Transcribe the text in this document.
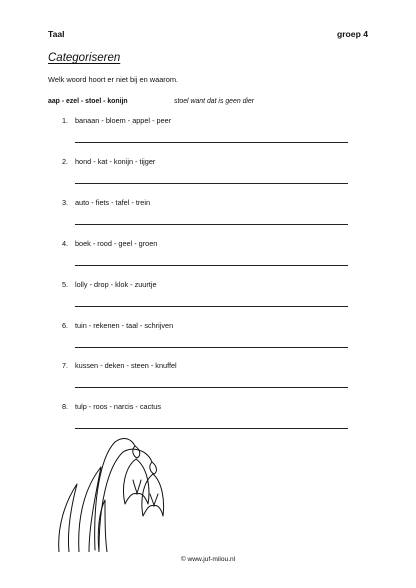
Taal	groep 4
Categoriseren
Welk woord hoort er niet bij en waarom.
aap - ezel - stoel - konijn	stoel want dat is geen dier
1. banaan - bloem - appel - peer
2. hond - kat - konijn - tijger
3. auto - fiets - tafel - trein
4. boek - rood - geel - groen
5. lolly - drop - klok - zuurtje
6. tuin - rekenen - taal - schrijven
7. kussen - deken - steen - knuffel
8. tulp - roos - narcis - cactus
© www.juf-milou.nl
